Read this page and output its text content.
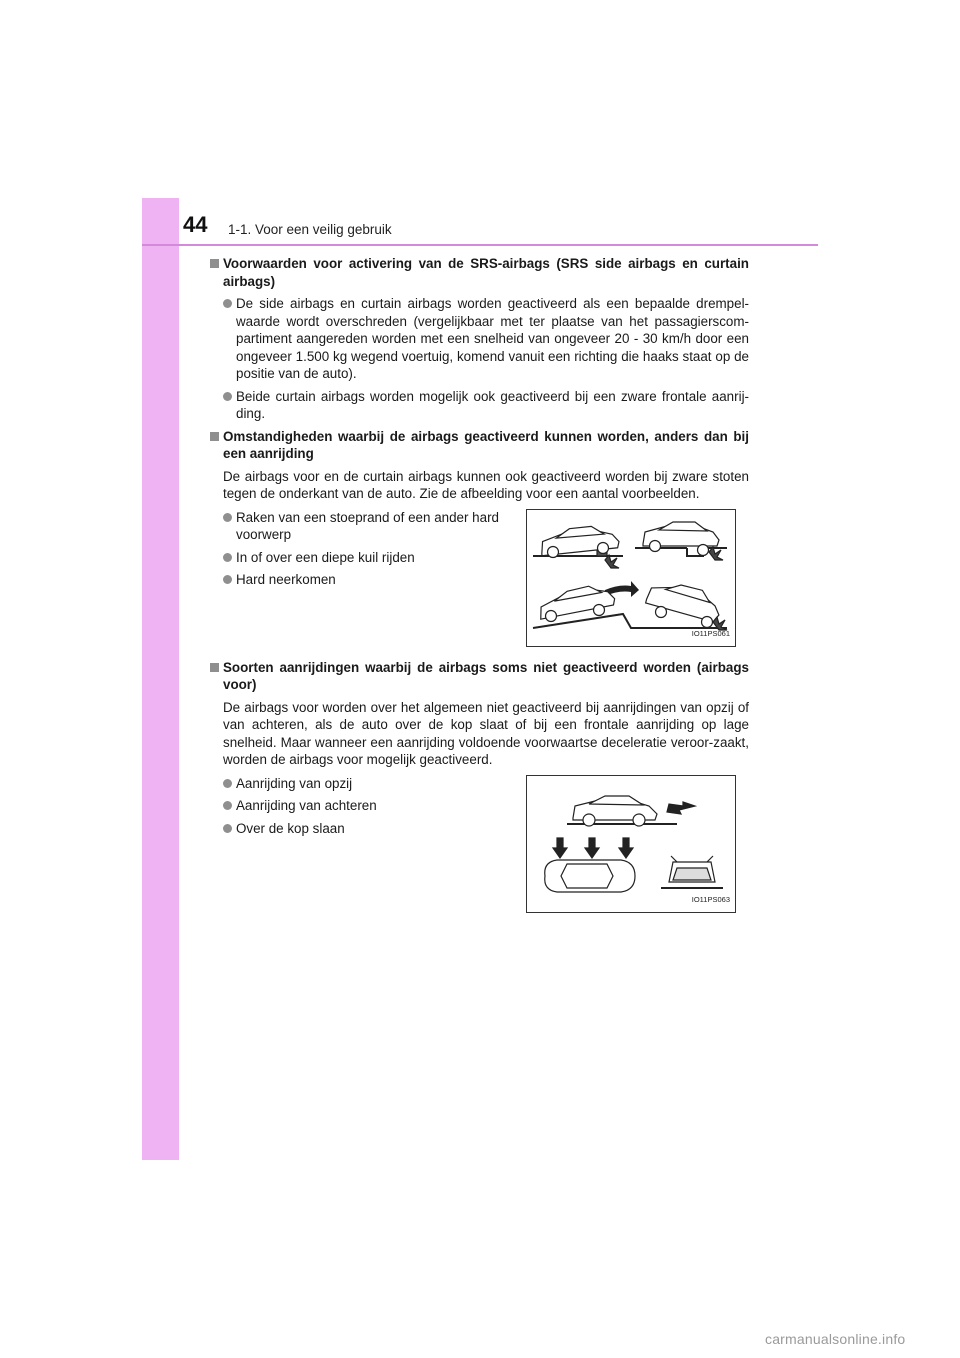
44 1-1. Voor een veilig gebruik
Voorwaarden voor activering van de SRS-airbags (SRS side airbags en curtain airbags)
De side airbags en curtain airbags worden geactiveerd als een bepaalde drempel-waarde wordt overschreden (vergelijkbaar met ter plaatse van het passagierscom-partiment aangereden worden met een snelheid van ongeveer 20 - 30 km/h door een ongeveer 1.500 kg wegend voertuig, komend vanuit een richting die haaks staat op de positie van de auto).
Beide curtain airbags worden mogelijk ook geactiveerd bij een zware frontale aanrij-ding.
Omstandigheden waarbij de airbags geactiveerd kunnen worden, anders dan bij een aanrijding
De airbags voor en de curtain airbags kunnen ook geactiveerd worden bij zware stoten tegen de onderkant van de auto. Zie de afbeelding voor een aantal voorbeelden.
Raken van een stoeprand of een ander hard voorwerp
In of over een diepe kuil rijden
Hard neerkomen
IO11PS061
Soorten aanrijdingen waarbij de airbags soms niet geactiveerd worden (airbags voor)
De airbags voor worden over het algemeen niet geactiveerd bij aanrijdingen van opzij of van achteren, als de auto over de kop slaat of bij een frontale aanrijding op lage snelheid. Maar wanneer een aanrijding voldoende voorwaartse deceleratie veroor-zaakt, worden de airbags voor mogelijk geactiveerd.
Aanrijding van opzij
Aanrijding van achteren
Over de kop slaan
IO11PS063
carmanualsonline.info
